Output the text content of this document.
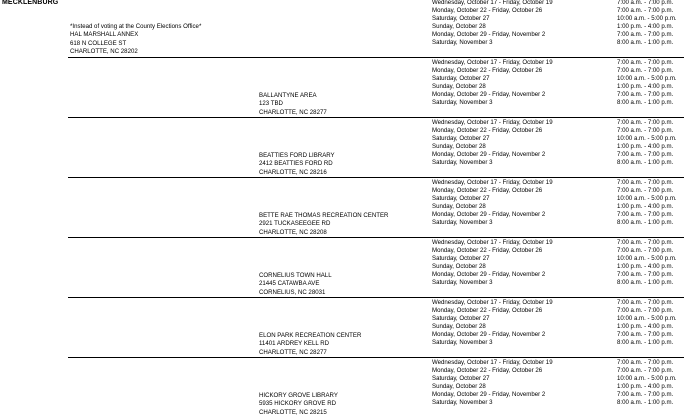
MECKLENBURG
*Instead of voting at the County Elections Office*
HAL MARSHALL ANNEX
618 N COLLEGE ST
CHARLOTTE, NC 28202
Wednesday, October 17 - Friday, October 19
Monday, October 22 - Friday, October 26
Saturday, October 27
Sunday, October 28
Monday, October 29 - Friday, November 2
Saturday, November 3
7:00 a.m. - 7:00 p.m.
7:00 a.m. - 7:00 p.m.
10:00 a.m. - 5:00 p.m.
1:00 p.m. - 4:00 p.m.
7:00 a.m. - 7:00 p.m.
8:00 a.m. - 1:00 p.m.
BALLANTYNE AREA
123 TBD
CHARLOTTE, NC 28277
Wednesday, October 17 - Friday, October 19
Monday, October 22 - Friday, October 26
Saturday, October 27
Sunday, October 28
Monday, October 29 - Friday, November 2
Saturday, November 3
7:00 a.m. - 7:00 p.m.
7:00 a.m. - 7:00 p.m.
10:00 a.m. - 5:00 p.m.
1:00 p.m. - 4:00 p.m.
7:00 a.m. - 7:00 p.m.
8:00 a.m. - 1:00 p.m.
BEATTIES FORD LIBRARY
2412 BEATTIES FORD RD
CHARLOTTE, NC 28216
Wednesday, October 17 - Friday, October 19
Monday, October 22 - Friday, October 26
Saturday, October 27
Sunday, October 28
Monday, October 29 - Friday, November 2
Saturday, November 3
7:00 a.m. - 7:00 p.m.
7:00 a.m. - 7:00 p.m.
10:00 a.m. - 5:00 p.m.
1:00 p.m. - 4:00 p.m.
7:00 a.m. - 7:00 p.m.
8:00 a.m. - 1:00 p.m.
BETTE RAE THOMAS RECREATION CENTER
2921 TUCKASEEGEE RD
CHARLOTTE, NC 28208
Wednesday, October 17 - Friday, October 19
Monday, October 22 - Friday, October 26
Saturday, October 27
Sunday, October 28
Monday, October 29 - Friday, November 2
Saturday, November 3
7:00 a.m. - 7:00 p.m.
7:00 a.m. - 7:00 p.m.
10:00 a.m. - 5:00 p.m.
1:00 p.m. - 4:00 p.m.
7:00 a.m. - 7:00 p.m.
8:00 a.m. - 1:00 p.m.
CORNELIUS TOWN HALL
21445 CATAWBA AVE
CORNELIUS, NC 28031
Wednesday, October 17 - Friday, October 19
Monday, October 22 - Friday, October 26
Saturday, October 27
Sunday, October 28
Monday, October 29 - Friday, November 2
Saturday, November 3
7:00 a.m. - 7:00 p.m.
7:00 a.m. - 7:00 p.m.
10:00 a.m. - 5:00 p.m.
1:00 p.m. - 4:00 p.m.
7:00 a.m. - 7:00 p.m.
8:00 a.m. - 1:00 p.m.
ELON PARK RECREATION CENTER
11401 ARDREY KELL RD
CHARLOTTE, NC 28277
Wednesday, October 17 - Friday, October 19
Monday, October 22 - Friday, October 26
Saturday, October 27
Sunday, October 28
Monday, October 29 - Friday, November 2
Saturday, November 3
7:00 a.m. - 7:00 p.m.
7:00 a.m. - 7:00 p.m.
10:00 a.m. - 5:00 p.m.
1:00 p.m. - 4:00 p.m.
7:00 a.m. - 7:00 p.m.
8:00 a.m. - 1:00 p.m.
HICKORY GROVE LIBRARY
5935 HICKORY GROVE RD
CHARLOTTE, NC 28215
Wednesday, October 17 - Friday, October 19
Monday, October 22 - Friday, October 26
Saturday, October 27
Sunday, October 28
Monday, October 29 - Friday, November 2
Saturday, November 3
7:00 a.m. - 7:00 p.m.
7:00 a.m. - 7:00 p.m.
10:00 a.m. - 5:00 p.m.
1:00 p.m. - 4:00 p.m.
7:00 a.m. - 7:00 p.m.
8:00 a.m. - 1:00 p.m.
